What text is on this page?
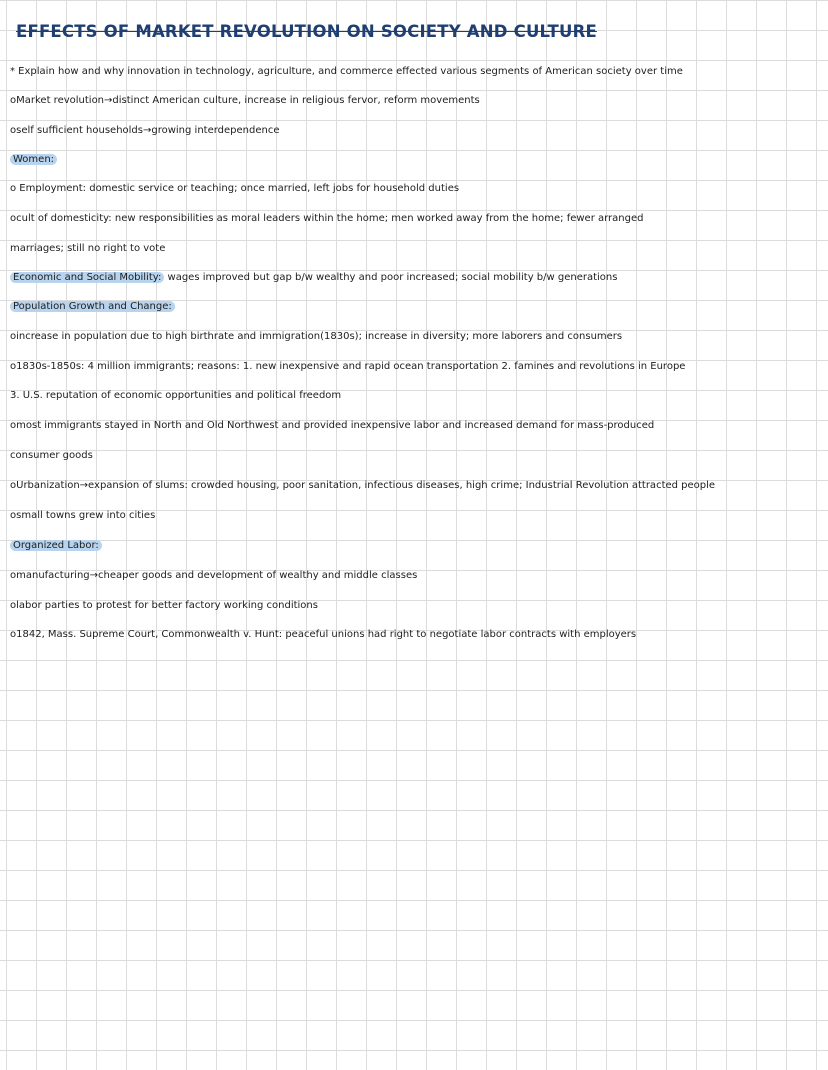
EFFECTS OF MARKET REVOLUTION ON SOCIETY AND CULTURE
* Explain how and why innovation in technology, agriculture, and commerce effected various segments of American society over time
oMarket revolution→distinct American culture, increase in religious fervor, reform movements
oself sufficient households→growing interdependence
Women:
o Employment: domestic service or teaching; once married, left jobs for household duties
ocult of domesticity: new responsibilities as moral leaders within the home; men worked away from the home; fewer arranged
marriages; still no right to vote
Economic and Social Mobility: wages improved but gap b/w wealthy and poor increased; social mobility b/w generations
Population Growth and Change:
oincrease in population due to high birthrate and immigration(1830s); increase in diversity; more laborers and consumers
o1830s-1850s: 4 million immigrants; reasons: 1. new inexpensive and rapid ocean transportation 2. famines and revolutions in Europe
3. U.S. reputation of economic opportunities and political freedom
omost immigrants stayed in North and Old Northwest and provided inexpensive labor and increased demand for mass-produced
consumer goods
oUrbanization→expansion of slums: crowded housing, poor sanitation, infectious diseases, high crime; Industrial Revolution attracted people
osmall towns grew into cities
Organized Labor:
omanufacturing→cheaper goods and development of wealthy and middle classes
olabor parties to protest for better factory working conditions
o1842, Mass. Supreme Court, Commonwealth v. Hunt: peaceful unions had right to negotiate labor contracts with employers
